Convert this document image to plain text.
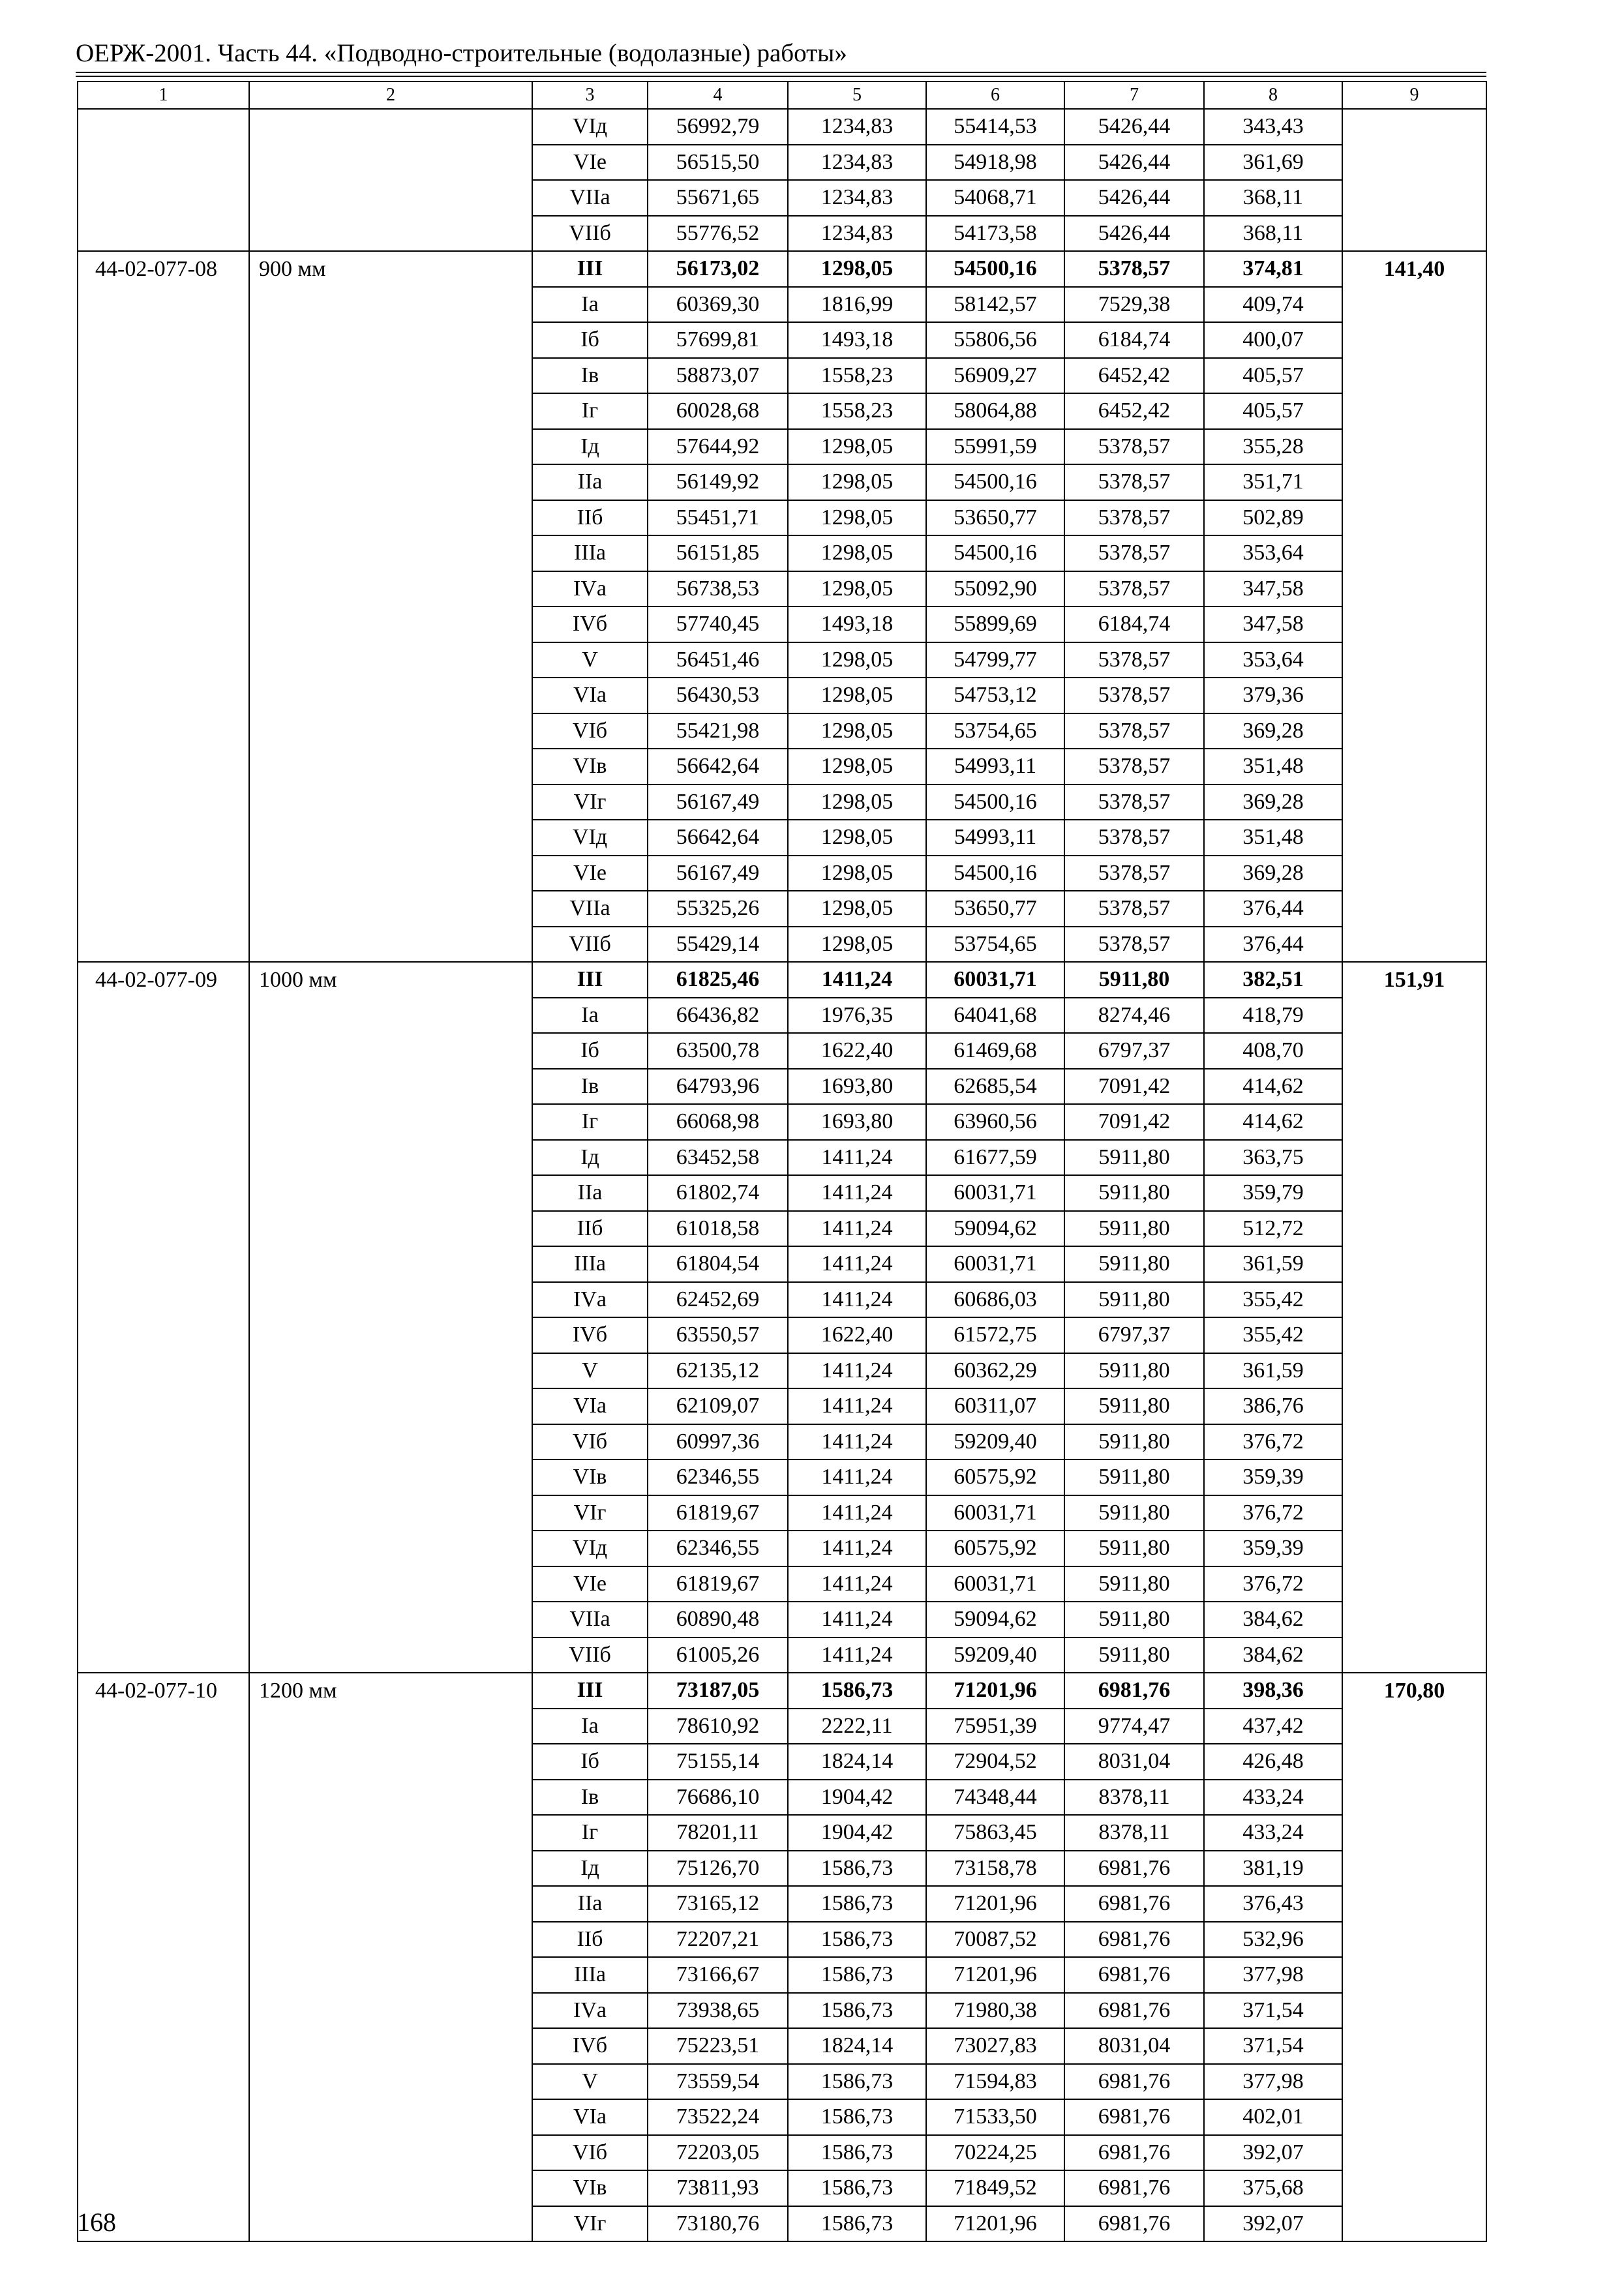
ОЕРЖ-2001. Часть 44. «Подводно-строительные (водолазные) работы»
1	2	3	4	5	6	7	8	9
		VIд	56992,79	1234,83	55414,53	5426,44	343,43	
		VIе	56515,50	1234,83	54918,98	5426,44	361,69	
		VIIа	55671,65	1234,83	54068,71	5426,44	368,11	
		VIIб	55776,52	1234,83	54173,58	5426,44	368,11	
44-02-077-08	900 мм	III	56173,02	1298,05	54500,16	5378,57	374,81	141,40
		Iа	60369,30	1816,99	58142,57	7529,38	409,74	
		Iб	57699,81	1493,18	55806,56	6184,74	400,07	
		Iв	58873,07	1558,23	56909,27	6452,42	405,57	
		Iг	60028,68	1558,23	58064,88	6452,42	405,57	
		Iд	57644,92	1298,05	55991,59	5378,57	355,28	
		IIа	56149,92	1298,05	54500,16	5378,57	351,71	
		IIб	55451,71	1298,05	53650,77	5378,57	502,89	
		IIIа	56151,85	1298,05	54500,16	5378,57	353,64	
		IVа	56738,53	1298,05	55092,90	5378,57	347,58	
		IVб	57740,45	1493,18	55899,69	6184,74	347,58	
		V	56451,46	1298,05	54799,77	5378,57	353,64	
		VIа	56430,53	1298,05	54753,12	5378,57	379,36	
		VIб	55421,98	1298,05	53754,65	5378,57	369,28	
		VIв	56642,64	1298,05	54993,11	5378,57	351,48	
		VIг	56167,49	1298,05	54500,16	5378,57	369,28	
		VIд	56642,64	1298,05	54993,11	5378,57	351,48	
		VIе	56167,49	1298,05	54500,16	5378,57	369,28	
		VIIа	55325,26	1298,05	53650,77	5378,57	376,44	
		VIIб	55429,14	1298,05	53754,65	5378,57	376,44	
44-02-077-09	1000 мм	III	61825,46	1411,24	60031,71	5911,80	382,51	151,91
		Iа	66436,82	1976,35	64041,68	8274,46	418,79	
		Iб	63500,78	1622,40	61469,68	6797,37	408,70	
		Iв	64793,96	1693,80	62685,54	7091,42	414,62	
		Iг	66068,98	1693,80	63960,56	7091,42	414,62	
		Iд	63452,58	1411,24	61677,59	5911,80	363,75	
		IIа	61802,74	1411,24	60031,71	5911,80	359,79	
		IIб	61018,58	1411,24	59094,62	5911,80	512,72	
		IIIа	61804,54	1411,24	60031,71	5911,80	361,59	
		IVа	62452,69	1411,24	60686,03	5911,80	355,42	
		IVб	63550,57	1622,40	61572,75	6797,37	355,42	
		V	62135,12	1411,24	60362,29	5911,80	361,59	
		VIа	62109,07	1411,24	60311,07	5911,80	386,76	
		VIб	60997,36	1411,24	59209,40	5911,80	376,72	
		VIв	62346,55	1411,24	60575,92	5911,80	359,39	
		VIг	61819,67	1411,24	60031,71	5911,80	376,72	
		VIд	62346,55	1411,24	60575,92	5911,80	359,39	
		VIе	61819,67	1411,24	60031,71	5911,80	376,72	
		VIIа	60890,48	1411,24	59094,62	5911,80	384,62	
		VIIб	61005,26	1411,24	59209,40	5911,80	384,62	
44-02-077-10	1200 мм	III	73187,05	1586,73	71201,96	6981,76	398,36	170,80
		Iа	78610,92	2222,11	75951,39	9774,47	437,42	
		Iб	75155,14	1824,14	72904,52	8031,04	426,48	
		Iв	76686,10	1904,42	74348,44	8378,11	433,24	
		Iг	78201,11	1904,42	75863,45	8378,11	433,24	
		Iд	75126,70	1586,73	73158,78	6981,76	381,19	
		IIа	73165,12	1586,73	71201,96	6981,76	376,43	
		IIб	72207,21	1586,73	70087,52	6981,76	532,96	
		IIIа	73166,67	1586,73	71201,96	6981,76	377,98	
		IVа	73938,65	1586,73	71980,38	6981,76	371,54	
		IVб	75223,51	1824,14	73027,83	8031,04	371,54	
		V	73559,54	1586,73	71594,83	6981,76	377,98	
		VIа	73522,24	1586,73	71533,50	6981,76	402,01	
		VIб	72203,05	1586,73	70224,25	6981,76	392,07	
		VIв	73811,93	1586,73	71849,52	6981,76	375,68	
		VIг	73180,76	1586,73	71201,96	6981,76	392,07	
168
